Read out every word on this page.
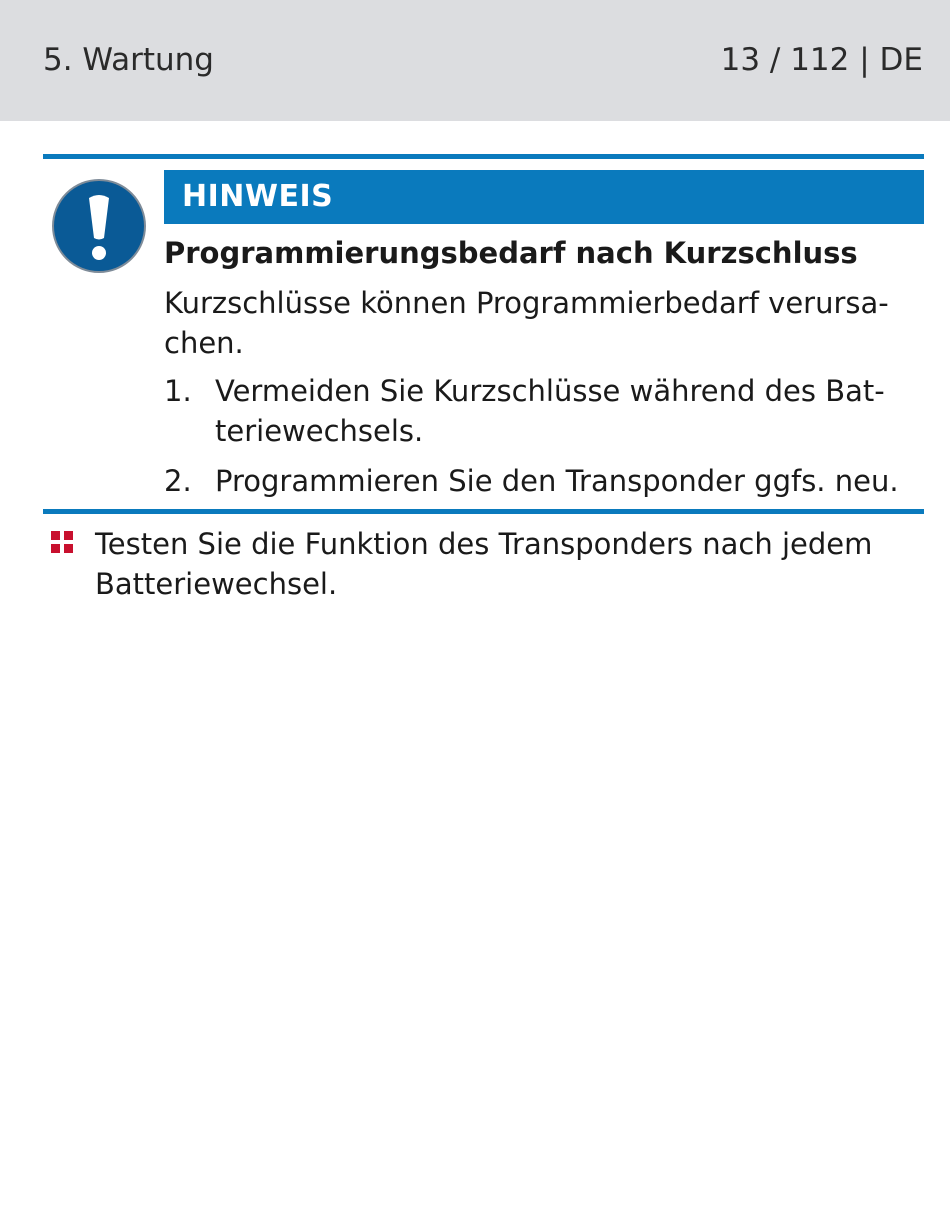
5. Wartung	13 / 112 | DE
HINWEIS
Programmierungsbedarf nach Kurzschluss
Kurzschlüsse können Programmierbedarf verursachen.
1. Vermeiden Sie Kurzschlüsse während des Batteriewechsels.
2. Programmieren Sie den Transponder ggfs. neu.
Testen Sie die Funktion des Transponders nach jedem Batteriewechsel.
